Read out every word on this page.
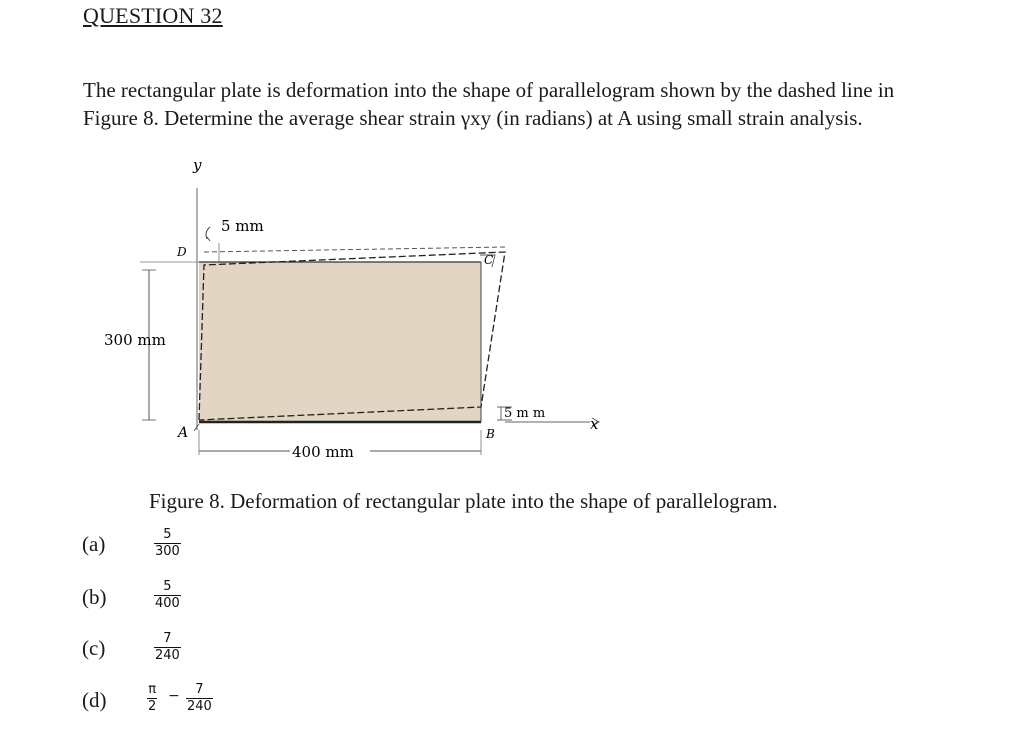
QUESTION 32
The rectangular plate is deformation into the shape of parallelogram shown by the dashed line in
Figure 8. Determine the average shear strain γxy (in radians) at A using small strain analysis.
y
x
D
C
A	B
5 mm
300 mm
5 m m
400 mm
Figure 8. Deformation of rectangular plate into the shape of parallelogram.
(a)	$\frac{5}{300}$
(b)	$\frac{5}{400}$
(c)	$\frac{7}{240}$
(d)	$\frac{\pi}{2} - \frac{7}{240}$
